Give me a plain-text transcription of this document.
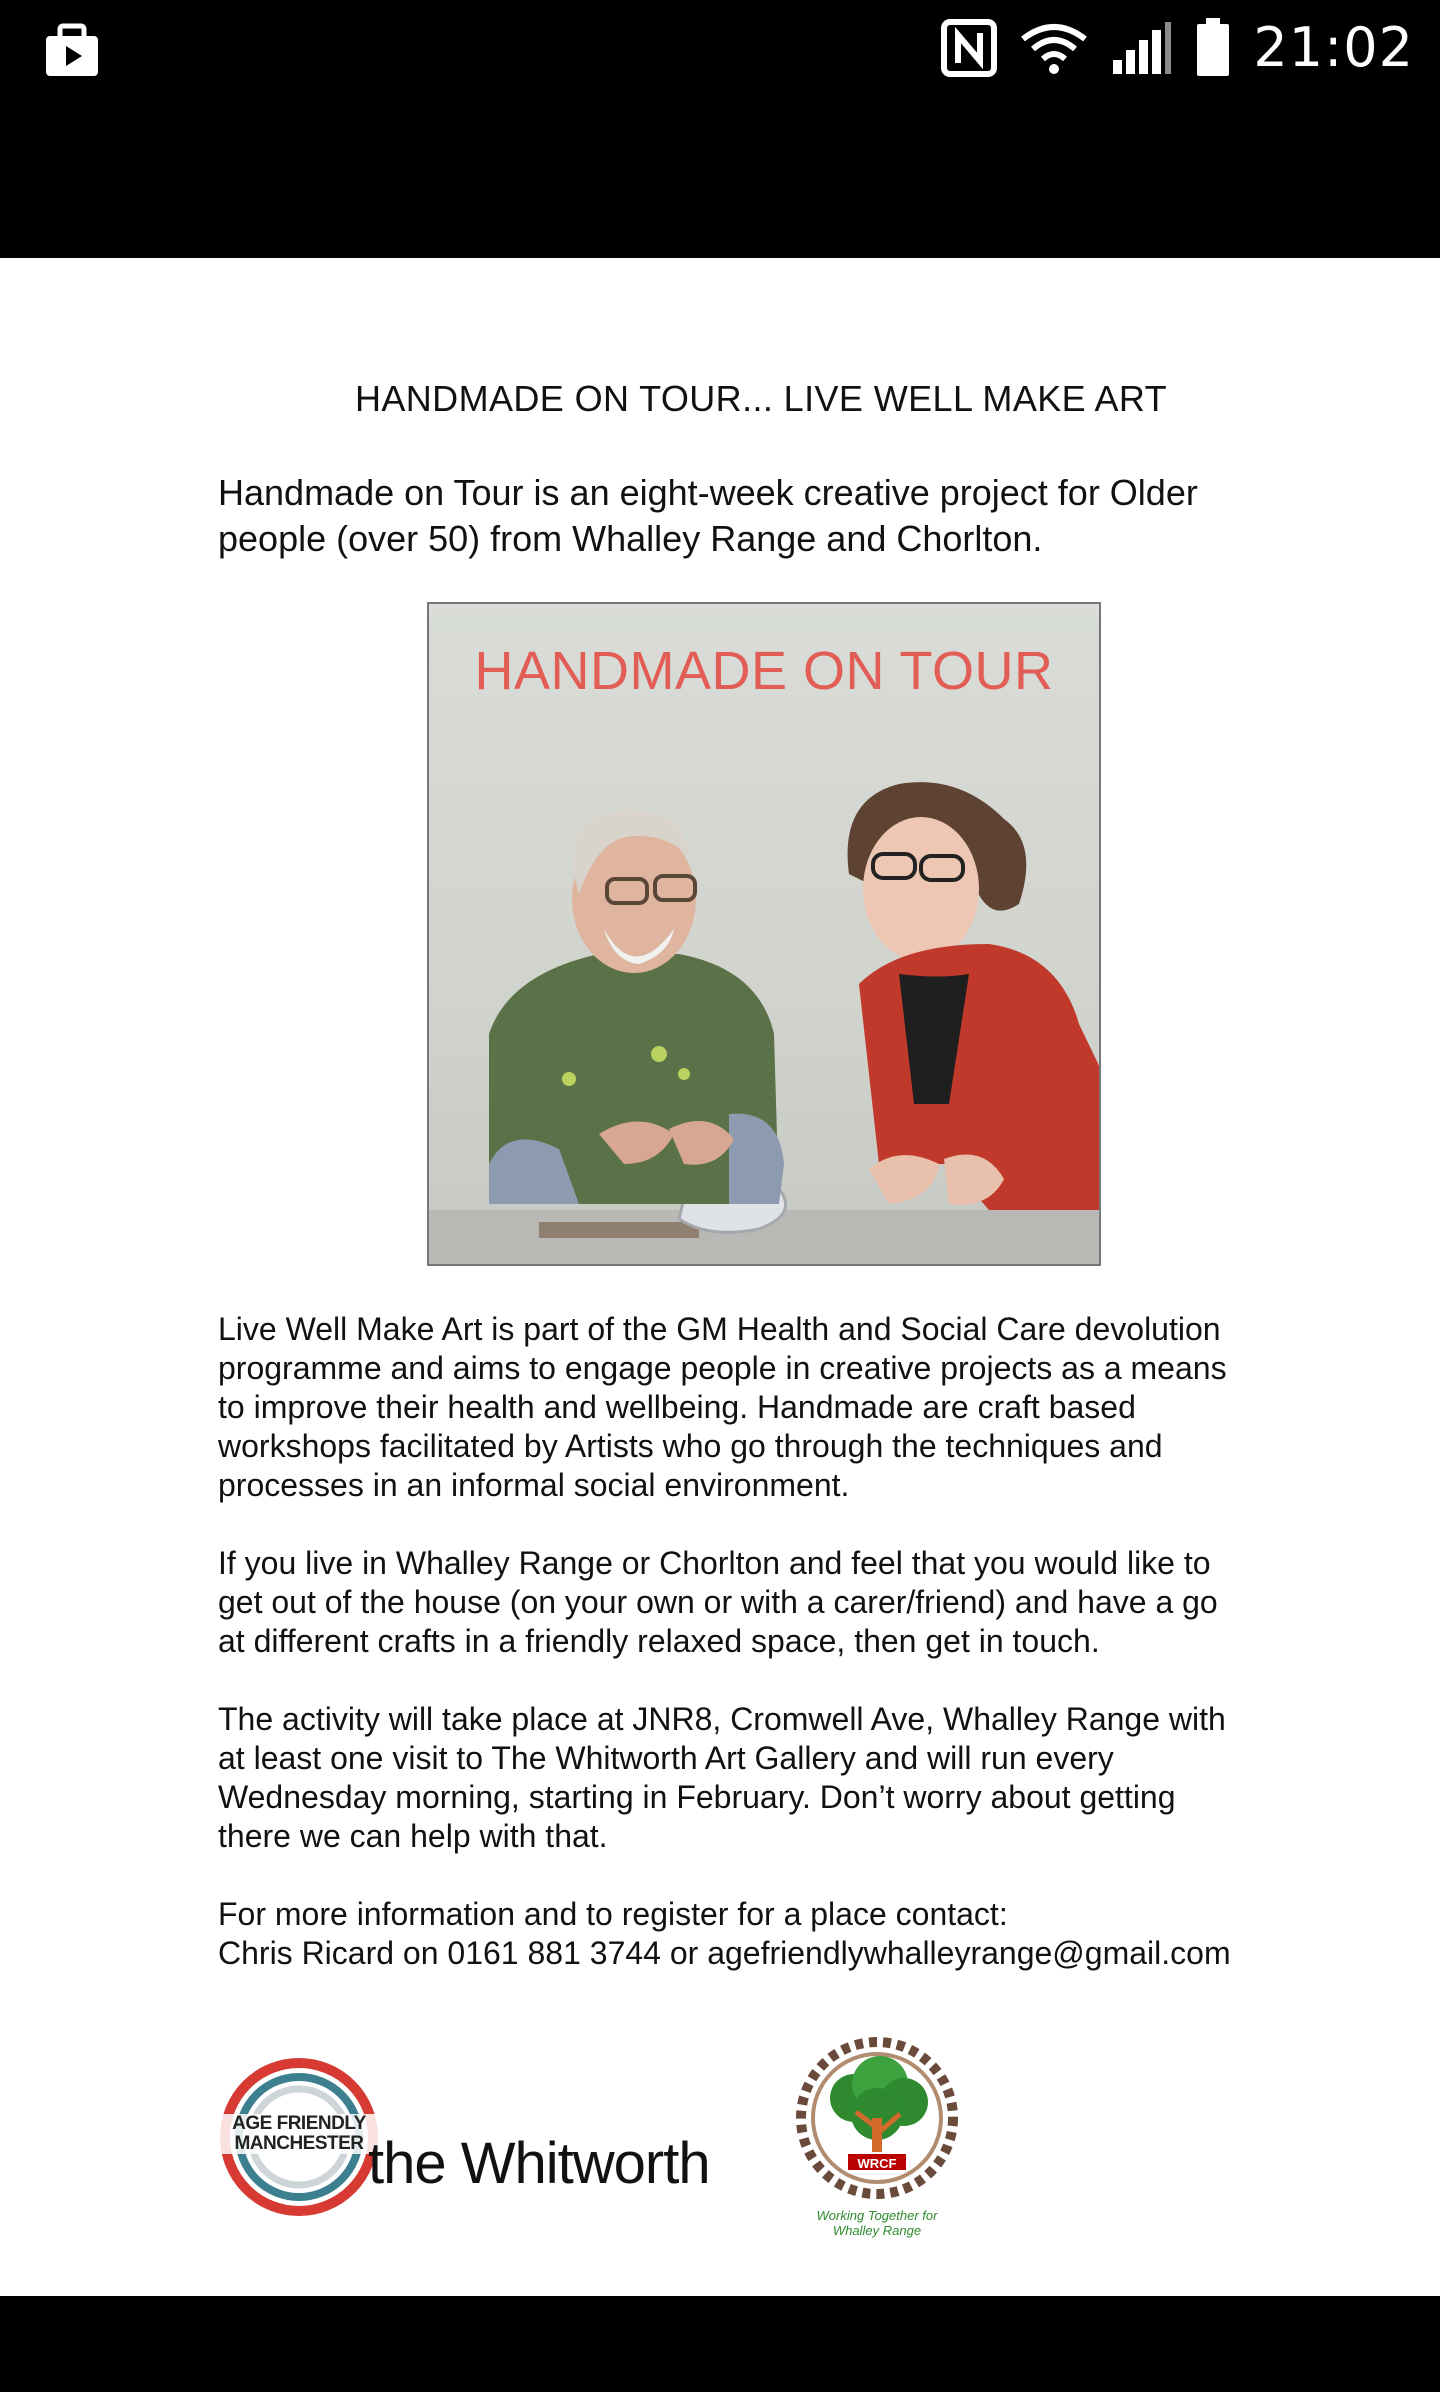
21:02
HANDMADE ON TOUR... LIVE WELL MAKE ART
Handmade on Tour is an eight-week creative project for Older people (over 50) from Whalley Range and Chorlton.
HANDMADE ON TOUR

Live Well Make Art is part of the GM Health and Social Care devolution
programme and aims to engage people in creative projects as a means
to improve their health and wellbeing. Handmade are craft based
workshops facilitated by Artists who go through the techniques and
processes in an informal social environment.

If you live in Whalley Range or Chorlton and feel that you would like to
get out of the house (on your own or with a carer/friend) and have a go
at different crafts in a friendly relaxed space, then get in touch.

The activity will take place at JNR8, Cromwell Ave, Whalley Range with
at least one visit to The Whitworth Art Gallery and will run every
Wednesday morning, starting in February. Don’t worry about getting
there we can help with that.

For more information and to register for a place contact:
Chris Ricard on 0161 881 3744 or agefriendlywhalleyrange@gmail.com

AGE FRIENDLY
MANCHESTER the Whitworth	WRCF
Working Together for Whalley Range
